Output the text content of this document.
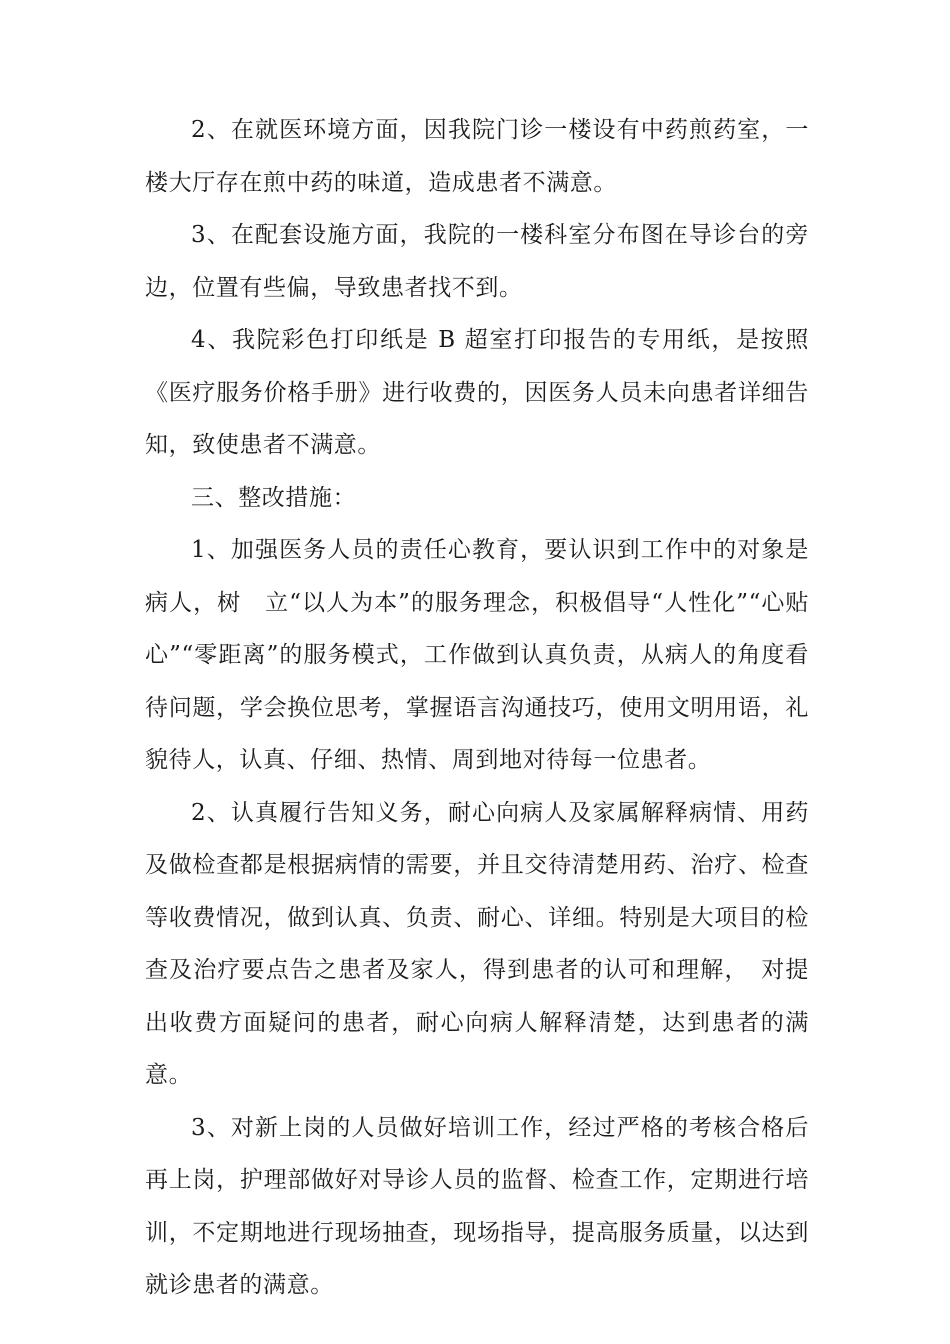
2、在就医环境方面，因我院门诊一楼设有中药煎药室，一楼大厅存在煎中药的味道，造成患者不满意。

3、在配套设施方面，我院的一楼科室分布图在导诊台的旁边，位置有些偏，导致患者找不到。

4、我院彩色打印纸是 B 超室打印报告的专用纸，是按照《医疗服务价格手册》进行收费的，因医务人员未向患者详细告知，致使患者不满意。

三、整改措施：

1、加强医务人员的责任心教育，要认识到工作中的对象是病人，树　立“以人为本”的服务理念，积极倡导“人性化”“心贴心”“零距离”的服务模式，工作做到认真负责，从病人的角度看待问题，学会换位思考，掌握语言沟通技巧，使用文明用语，礼貌待人，认真、仔细、热情、周到地对待每一位患者。

2、认真履行告知义务，耐心向病人及家属解释病情、用药及做检查都是根据病情的需要，并且交待清楚用药、治疗、检查等收费情况，做到认真、负责、耐心、详细。特别是大项目的检查及治疗要点告之患者及家人，得到患者的认可和理解，　对提出收费方面疑问的患者，耐心向病人解释清楚，达到患者的满意。

3、对新上岗的人员做好培训工作，经过严格的考核合格后再上岗，护理部做好对导诊人员的监督、检查工作，定期进行培训，不定期地进行现场抽查，现场指导，提高服务质量，以达到就诊患者的满意。
